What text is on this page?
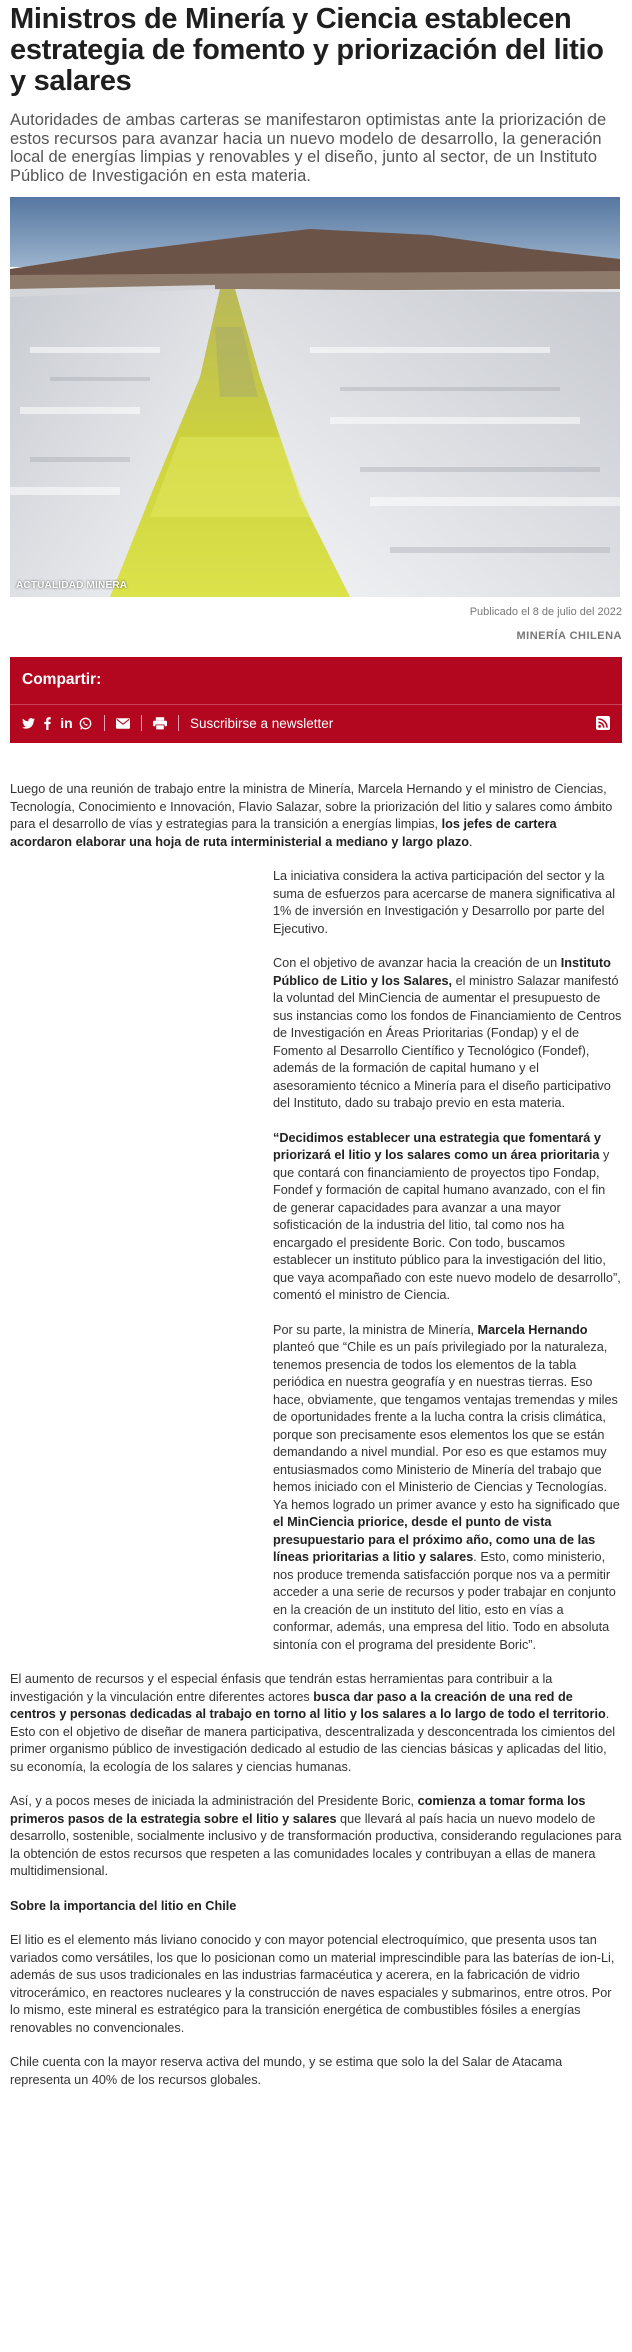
Ministros de Minería y Ciencia establecen estrategia de fomento y priorización del litio y salares

Autoridades de ambas carteras se manifestaron optimistas ante la priorización de estos recursos para avanzar hacia un nuevo modelo de desarrollo, la generación local de energías limpias y renovables y el diseño, junto al sector, de un Instituto Público de Investigación en esta materia.

ACTUALIDAD MINERA
Publicado el 8 de julio del 2022
MINERÍA CHILENA
Compartir:
in	Suscribirse a newsletter

Luego de una reunión de trabajo entre la ministra de Minería, Marcela Hernando y el ministro de Ciencias, Tecnología, Conocimiento e Innovación, Flavio Salazar, sobre la priorización del litio y salares como ámbito para el desarrollo de vías y estrategias para la transición a energías limpias, los jefes de cartera acordaron elaborar una hoja de ruta interministerial a mediano y largo plazo.

La iniciativa considera la activa participación del sector y la suma de esfuerzos para acercarse de manera significativa al 1% de inversión en Investigación y Desarrollo por parte del Ejecutivo.

Con el objetivo de avanzar hacia la creación de un Instituto Público de Litio y los Salares, el ministro Salazar manifestó la voluntad del MinCiencia de aumentar el presupuesto de sus instancias como los fondos de Financiamiento de Centros de Investigación en Áreas Prioritarias (Fondap) y el de Fomento al Desarrollo Científico y Tecnológico (Fondef), además de la formación de capital humano y el asesoramiento técnico a Minería para el diseño participativo del Instituto, dado su trabajo previo en esta materia.

“Decidimos establecer una estrategia que fomentará y priorizará el litio y los salares como un área prioritaria y que contará con financiamiento de proyectos tipo Fondap, Fondef y formación de capital humano avanzado, con el fin de generar capacidades para avanzar a una mayor sofisticación de la industria del litio, tal como nos ha encargado el presidente Boric. Con todo, buscamos establecer un instituto público para la investigación del litio, que vaya acompañado con este nuevo modelo de desarrollo”, comentó el ministro de Ciencia.

Por su parte, la ministra de Minería, Marcela Hernando planteó que “Chile es un país privilegiado por la naturaleza, tenemos presencia de todos los elementos de la tabla periódica en nuestra geografía y en nuestras tierras. Eso hace, obviamente, que tengamos ventajas tremendas y miles de oportunidades frente a la lucha contra la crisis climática, porque son precisamente esos elementos los que se están demandando a nivel mundial. Por eso es que estamos muy entusiasmados como Ministerio de Minería del trabajo que hemos iniciado con el Ministerio de Ciencias y Tecnologías. Ya hemos logrado un primer avance y esto ha significado que el MinCiencia priorice, desde el punto de vista presupuestario para el próximo año, como una de las líneas prioritarias a litio y salares. Esto, como ministerio, nos produce tremenda satisfacción porque nos va a permitir acceder a una serie de recursos y poder trabajar en conjunto en la creación de un instituto del litio, esto en vías a conformar, además, una empresa del litio. Todo en absoluta sintonía con el programa del presidente Boric”.

El aumento de recursos y el especial énfasis que tendrán estas herramientas para contribuir a la investigación y la vinculación entre diferentes actores busca dar paso a la creación de una red de centros y personas dedicadas al trabajo en torno al litio y los salares a lo largo de todo el territorio. Esto con el objetivo de diseñar de manera participativa, descentralizada y desconcentrada los cimientos del primer organismo público de investigación dedicado al estudio de las ciencias básicas y aplicadas del litio, su economía, la ecología de los salares y ciencias humanas.

Así, y a pocos meses de iniciada la administración del Presidente Boric, comienza a tomar forma los primeros pasos de la estrategia sobre el litio y salares que llevará al país hacia un nuevo modelo de desarrollo, sostenible, socialmente inclusivo y de transformación productiva, considerando regulaciones para la obtención de estos recursos que respeten a las comunidades locales y contribuyan a ellas de manera multidimensional.

Sobre la importancia del litio en Chile

El litio es el elemento más liviano conocido y con mayor potencial electroquímico, que presenta usos tan variados como versátiles, los que lo posicionan como un material imprescindible para las baterías de ion-Li, además de sus usos tradicionales en las industrias farmacéutica y acerera, en la fabricación de vidrio vitrocerámico, en reactores nucleares y la construcción de naves espaciales y submarinos, entre otros. Por lo mismo, este mineral es estratégico para la transición energética de combustibles fósiles a energías renovables no convencionales.

Chile cuenta con la mayor reserva activa del mundo, y se estima que solo la del Salar de Atacama representa un 40% de los recursos globales.
